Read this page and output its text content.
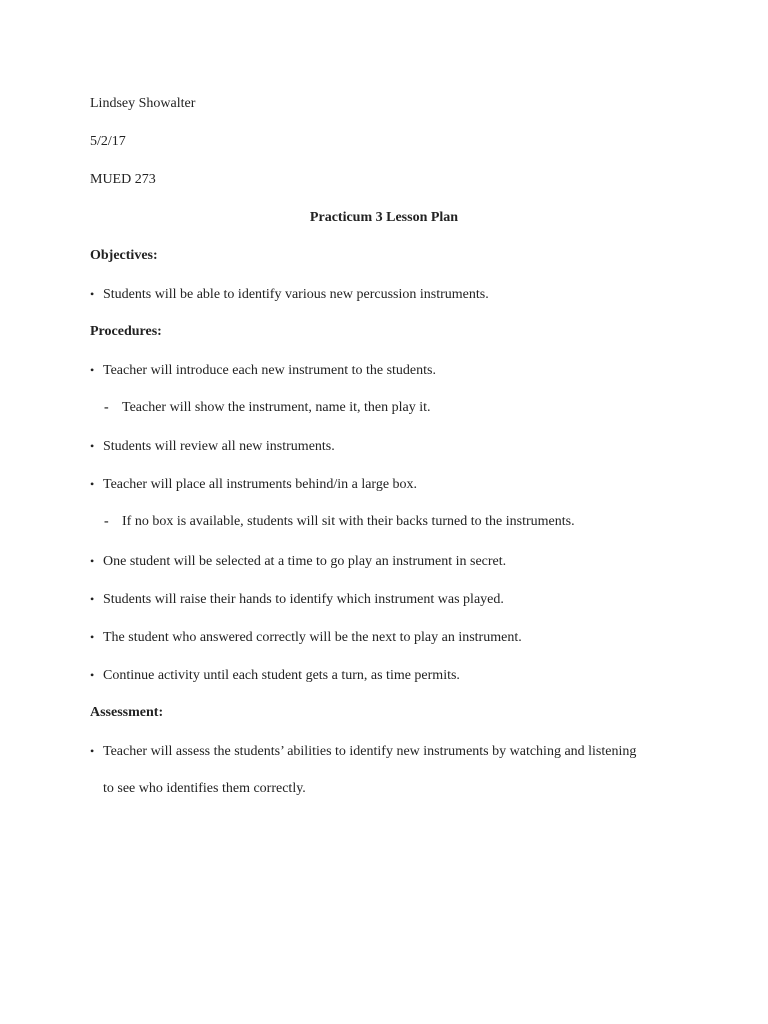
Lindsey Showalter
5/2/17
MUED 273
Practicum 3 Lesson Plan
Objectives:
• Students will be able to identify various new percussion instruments.
Procedures:
• Teacher will introduce each new instrument to the students.
- Teacher will show the instrument, name it, then play it.
• Students will review all new instruments.
• Teacher will place all instruments behind/in a large box.
- If no box is available, students will sit with their backs turned to the instruments.
• One student will be selected at a time to go play an instrument in secret.
• Students will raise their hands to identify which instrument was played.
• The student who answered correctly will be the next to play an instrument.
• Continue activity until each student gets a turn, as time permits.
Assessment:
• Teacher will assess the students’ abilities to identify new instruments by watching and listening
to see who identifies them correctly.
